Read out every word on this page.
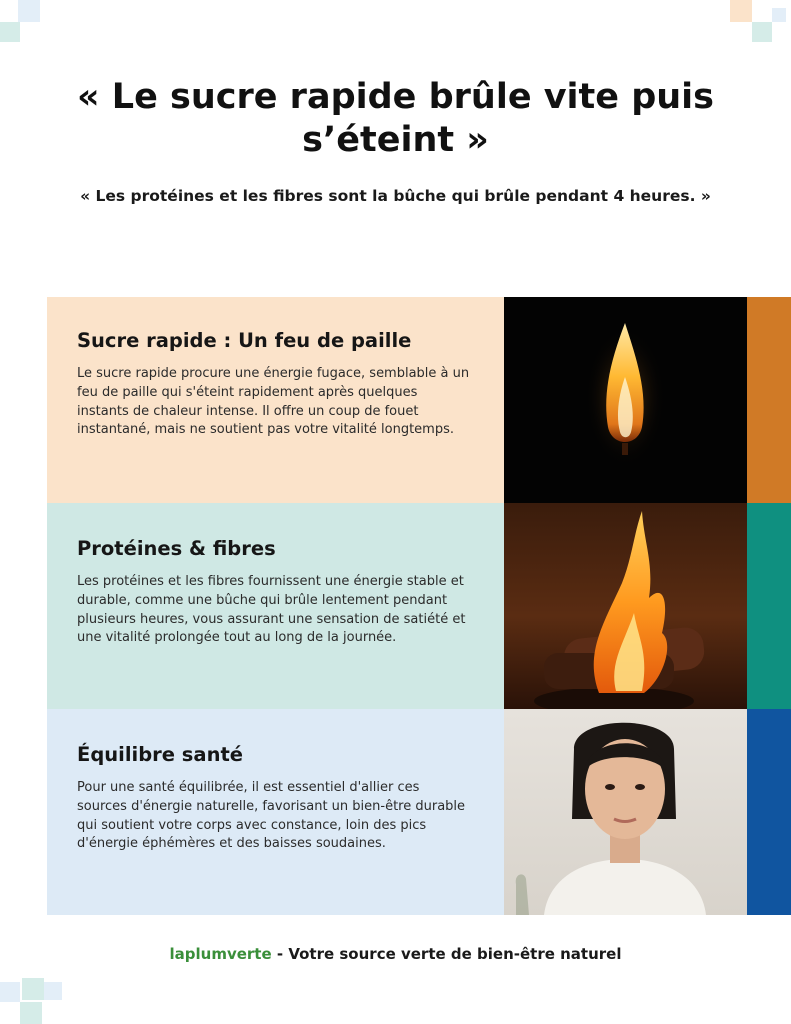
« Le sucre rapide brûle vite puis s’éteint »

« Les protéines et les fibres sont la bûche qui brûle pendant 4 heures. »

Sucre rapide : Un feu de paille

Le sucre rapide procure une énergie fugace, semblable à un feu de paille qui s'éteint rapidement après quelques instants de chaleur intense. Il offre un coup de fouet instantané, mais ne soutient pas votre vitalité longtemps.

Protéines & fibres

Les protéines et les fibres fournissent une énergie stable et durable, comme une bûche qui brûle lentement pendant plusieurs heures, vous assurant une sensation de satiété et une vitalité prolongée tout au long de la journée.

Équilibre santé

Pour une santé équilibrée, il est essentiel d'allier ces sources d'énergie naturelle, favorisant un bien-être durable qui soutient votre corps avec constance, loin des pics d'énergie éphémères et des baisses soudaines.

laplumverte - Votre source verte de bien-être naturel
